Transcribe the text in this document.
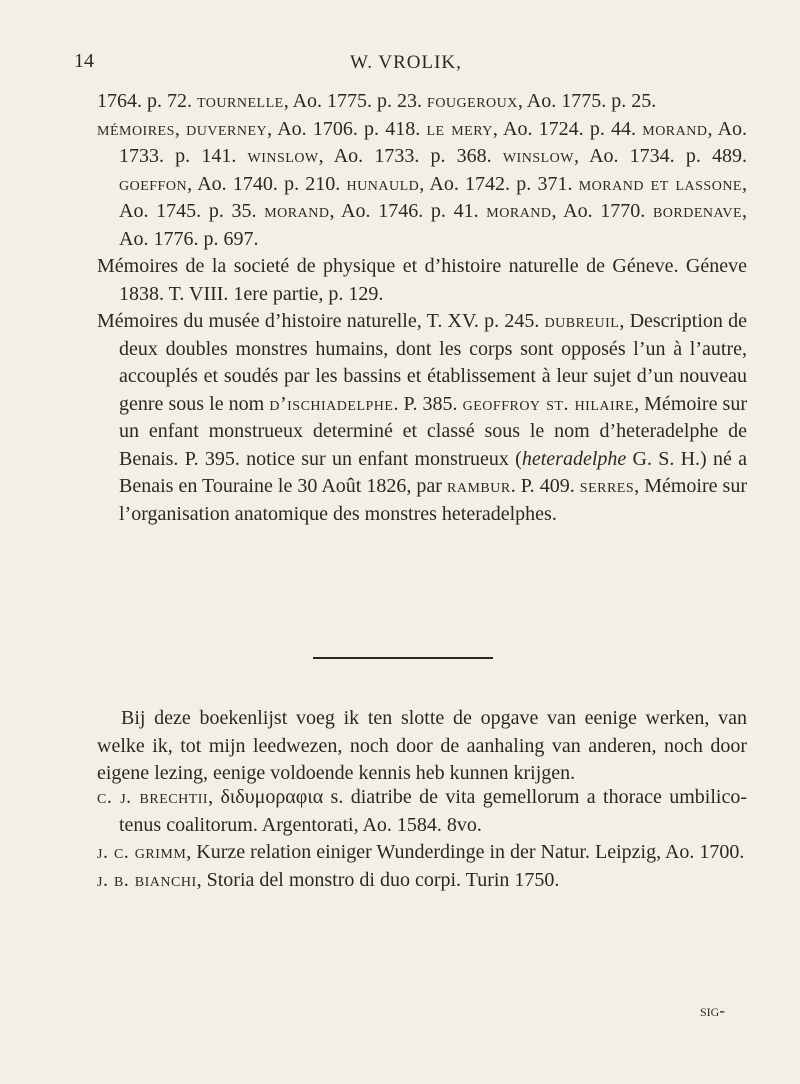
14	W. VROLIK,

1764. p. 72. tournelle, Ao. 1775. p. 23. fougeroux, Ao. 1775. p. 25.

mémoires, duverney, Ao. 1706. p. 418. le mery, Ao. 1724. p. 44. morand, Ao. 1733. p. 141. winslow, Ao. 1733. p. 368. winslow, Ao. 1734. p. 489. goeffon, Ao. 1740. p. 210. hunauld, Ao. 1742. p. 371. morand et lassone, Ao. 1745. p. 35. morand, Ao. 1746. p. 41. morand, Ao. 1770. bordenave, Ao. 1776. p. 697.

Mémoires de la societé de physique et d’histoire naturelle de Géneve. Géneve 1838. T. VIII. 1ere partie, p. 129.

Mémoires du musée d’histoire naturelle, T. XV. p. 245. dubreuil, Description de deux doubles monstres humains, dont les corps sont opposés l’un à l’autre, accouplés et soudés par les bassins et établissement à leur sujet d’un nouveau genre sous le nom d’ischiadelphe. P. 385. geoffroy st. hilaire, Mémoire sur un enfant monstrueux determiné et classé sous le nom d’heteradelphe de Benais. P. 395. notice sur un enfant monstrueux (heteradelphe G. S. H.) né a Benais en Touraine le 30 Août 1826, par rambur. P. 409. serres, Mémoire sur l’organisation anatomique des monstres heteradelphes.

Bij deze boekenlijst voeg ik ten slotte de opgave van eenige werken, van welke ik, tot mijn leedwezen, noch door de aanhaling van anderen, noch door eigene lezing, eenige voldoende kennis heb kunnen krijgen.

c. j. brechtii, διδυμοραφια s. diatribe de vita gemellorum a thorace umbilico-tenus coalitorum. Argentorati, Ao. 1584. 8vo.

j. c. grimm, Kurze relation einiger Wunderdinge in der Natur. Leipzig, Ao. 1700.

j. b. bianchi, Storia del monstro di duo corpi. Turin 1750.

sig-
